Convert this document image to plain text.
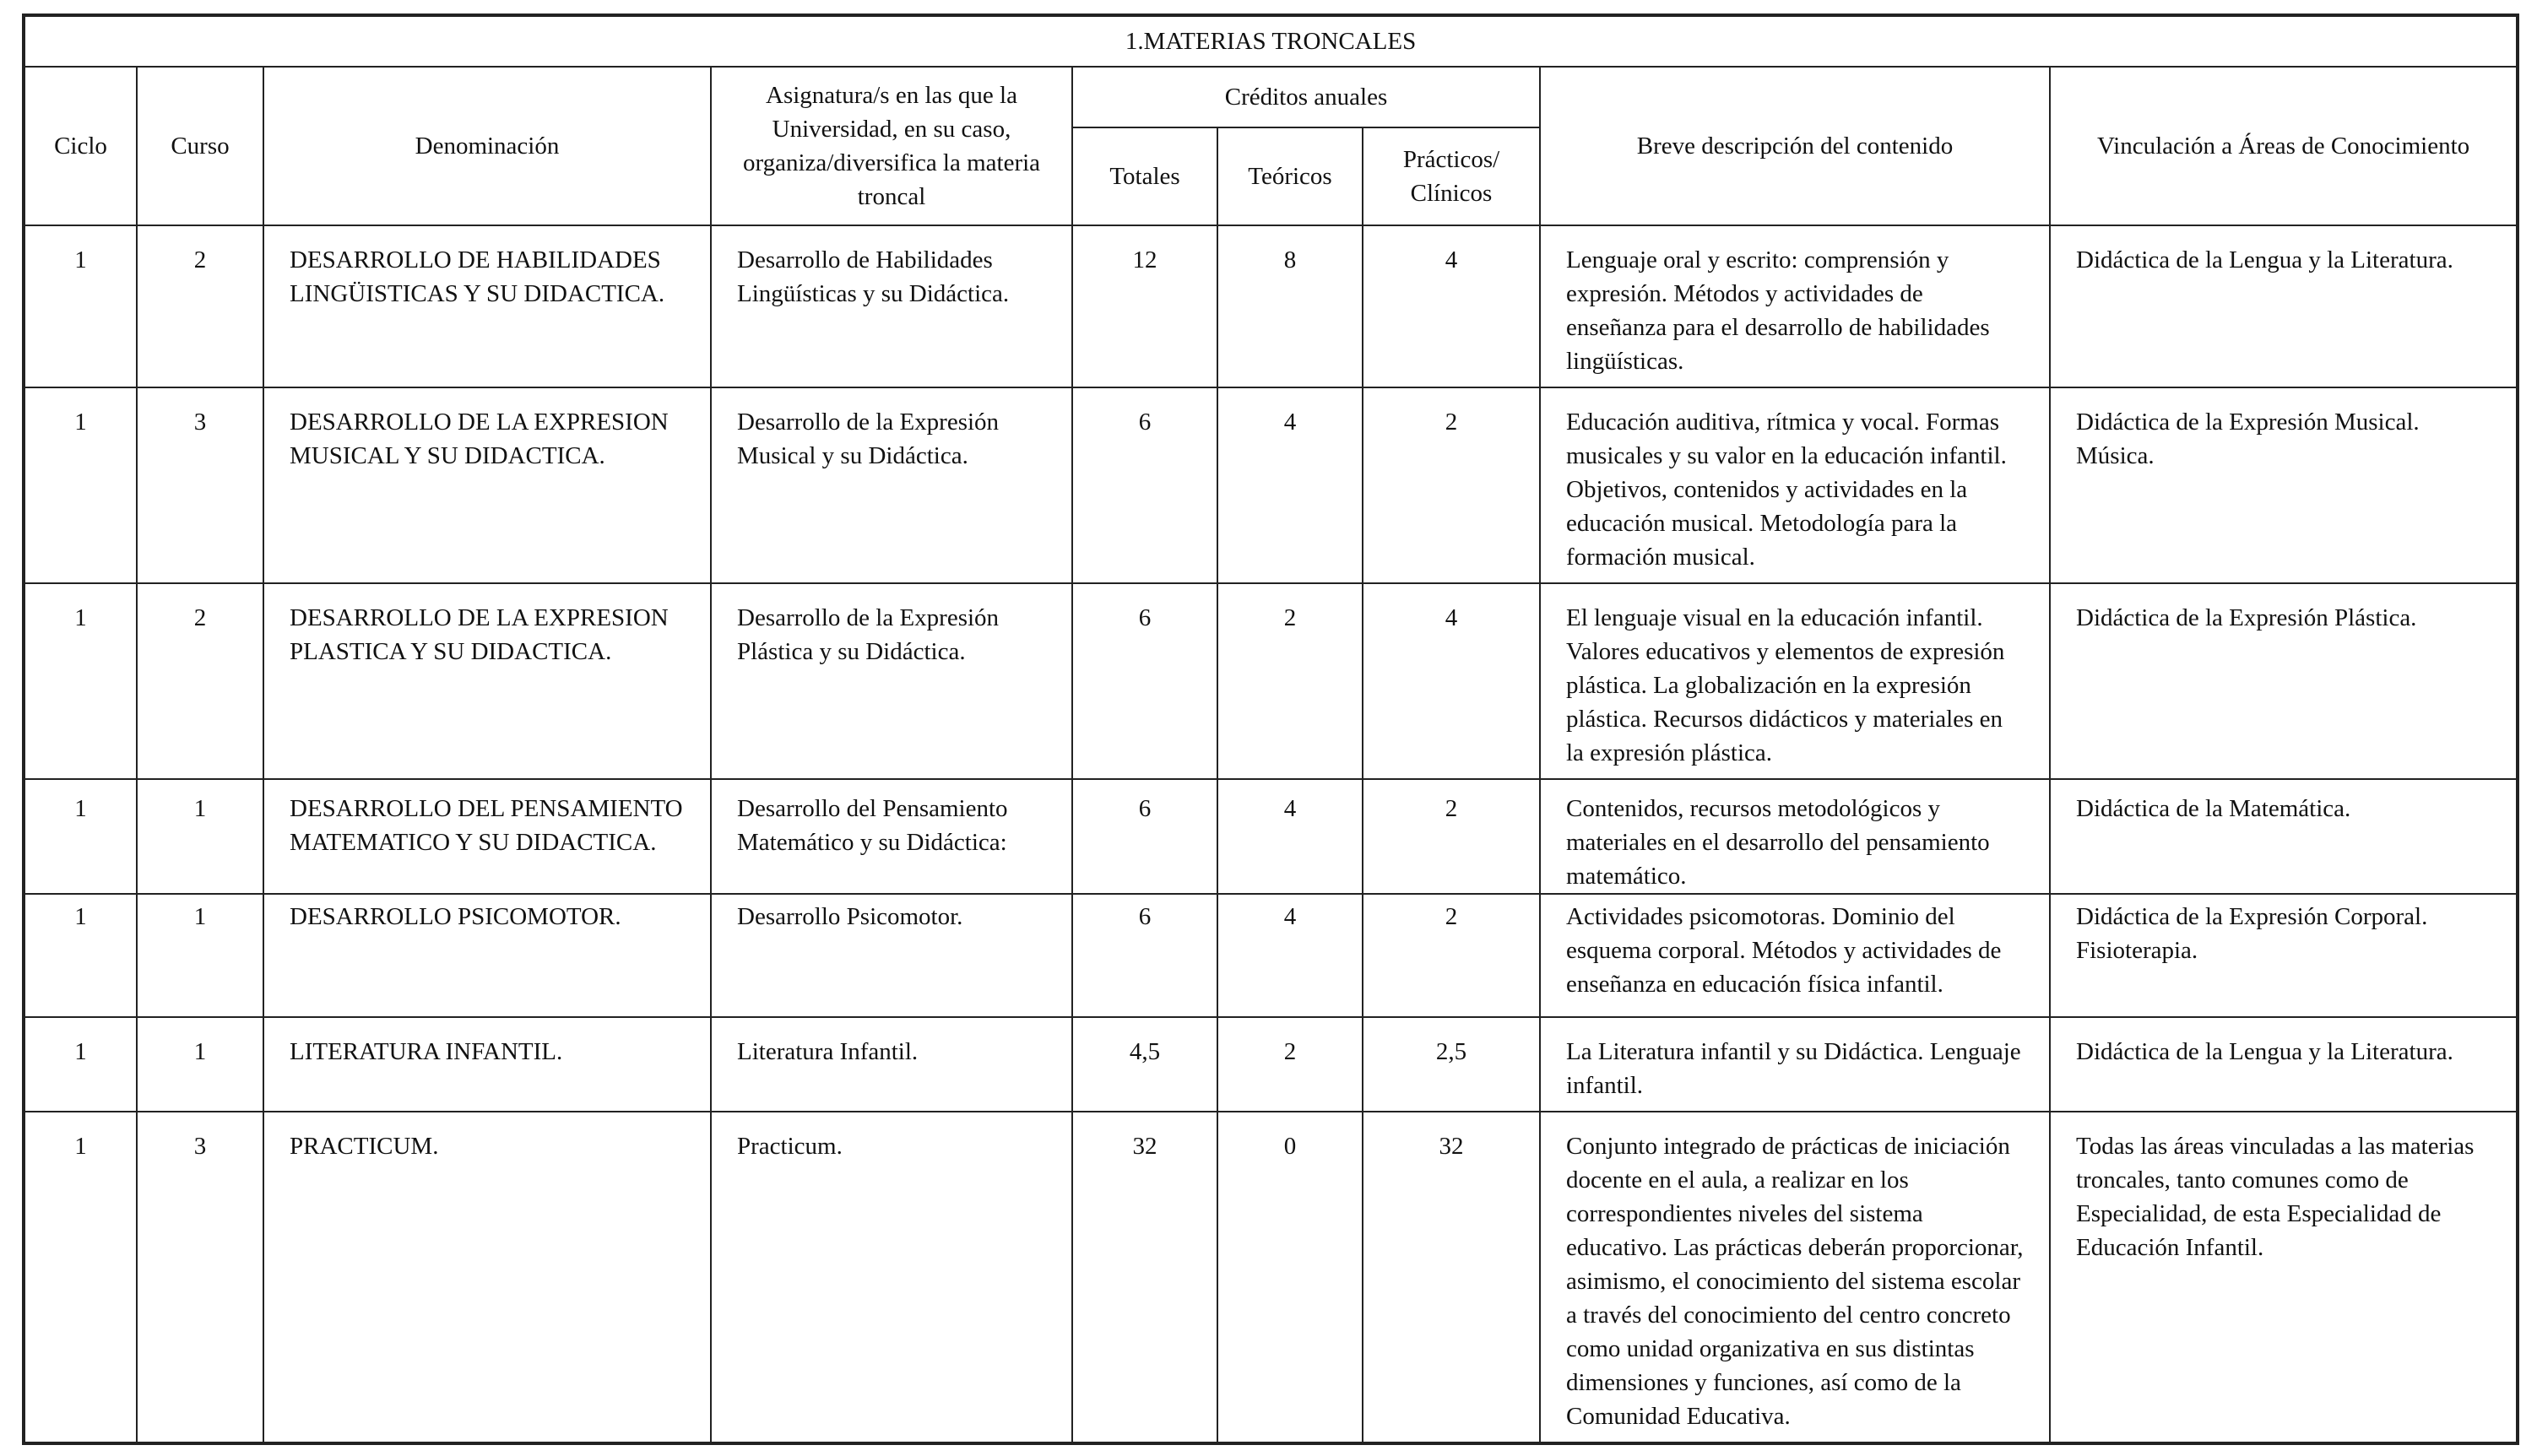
1.MATERIAS TRONCALES								
Ciclo	Curso	Denominación	Asignatura/s en las que la Universidad, en su caso, organiza/diversifica la materia troncal	Créditos anuales			Breve descripción del contenido	Vinculación a Áreas de Conocimiento
				Totales	Teóricos	Prácticos/ Clínicos		
1	2	DESARROLLO DE HABILIDADES LINGÜISTICAS Y SU DIDACTICA.	Desarrollo de Habilidades Lingüísticas y su Didáctica.	12	8	4	Lenguaje oral y escrito: comprensión y expresión. Métodos y actividades de enseñanza para el desarrollo de habilidades lingüísticas.	Didáctica de la Lengua y la Literatura.
1	3	DESARROLLO DE LA EXPRESION MUSICAL Y SU DIDACTICA.	Desarrollo de la Expresión Musical y su Didáctica.	6	4	2	Educación auditiva, rítmica y vocal. Formas musicales y su valor en la educación infantil. Objetivos, contenidos y actividades en la educación musical. Metodología para la formación musical.	Didáctica de la Expresión Musical. Música.
1	2	DESARROLLO DE LA EXPRESION PLASTICA Y SU DIDACTICA.	Desarrollo de la Expresión Plástica y su Didáctica.	6	2	4	El lenguaje visual en la educación infantil. Valores educativos y elementos de expresión plástica. La globalización en la expresión plástica. Recursos didácticos y materiales en la expresión plástica.	Didáctica de la Expresión Plástica.
1	1	DESARROLLO DEL PENSAMIENTO MATEMATICO Y SU DIDACTICA.	Desarrollo del Pensamiento Matemático y su Didáctica:	6	4	2	Contenidos, recursos metodológicos y materiales en el desarrollo del pensamiento matemático.	Didáctica de la Matemática.
1	1	DESARROLLO PSICOMOTOR.	Desarrollo Psicomotor.	6	4	2	Actividades psicomotoras. Dominio del esquema corporal. Métodos y actividades de enseñanza en educación física infantil.	Didáctica de la Expresión Corporal. Fisioterapia.
1	1	LITERATURA INFANTIL.	Literatura Infantil.	4,5	2	2,5	La Literatura infantil y su Didáctica. Lenguaje infantil.	Didáctica de la Lengua y la Literatura.
1	3	PRACTICUM.	Practicum.	32	0	32	Conjunto integrado de prácticas de iniciación docente en el aula, a realizar en los correspondientes niveles del sistema educativo. Las prácticas deberán proporcionar, asimismo, el conocimiento del sistema escolar a través del conocimiento del centro concreto como unidad organizativa en sus distintas dimensiones y funciones, así como de la Comunidad Educativa.	Todas las áreas vinculadas a las materias troncales, tanto comunes como de Especialidad, de esta Especialidad de Educación Infantil.
